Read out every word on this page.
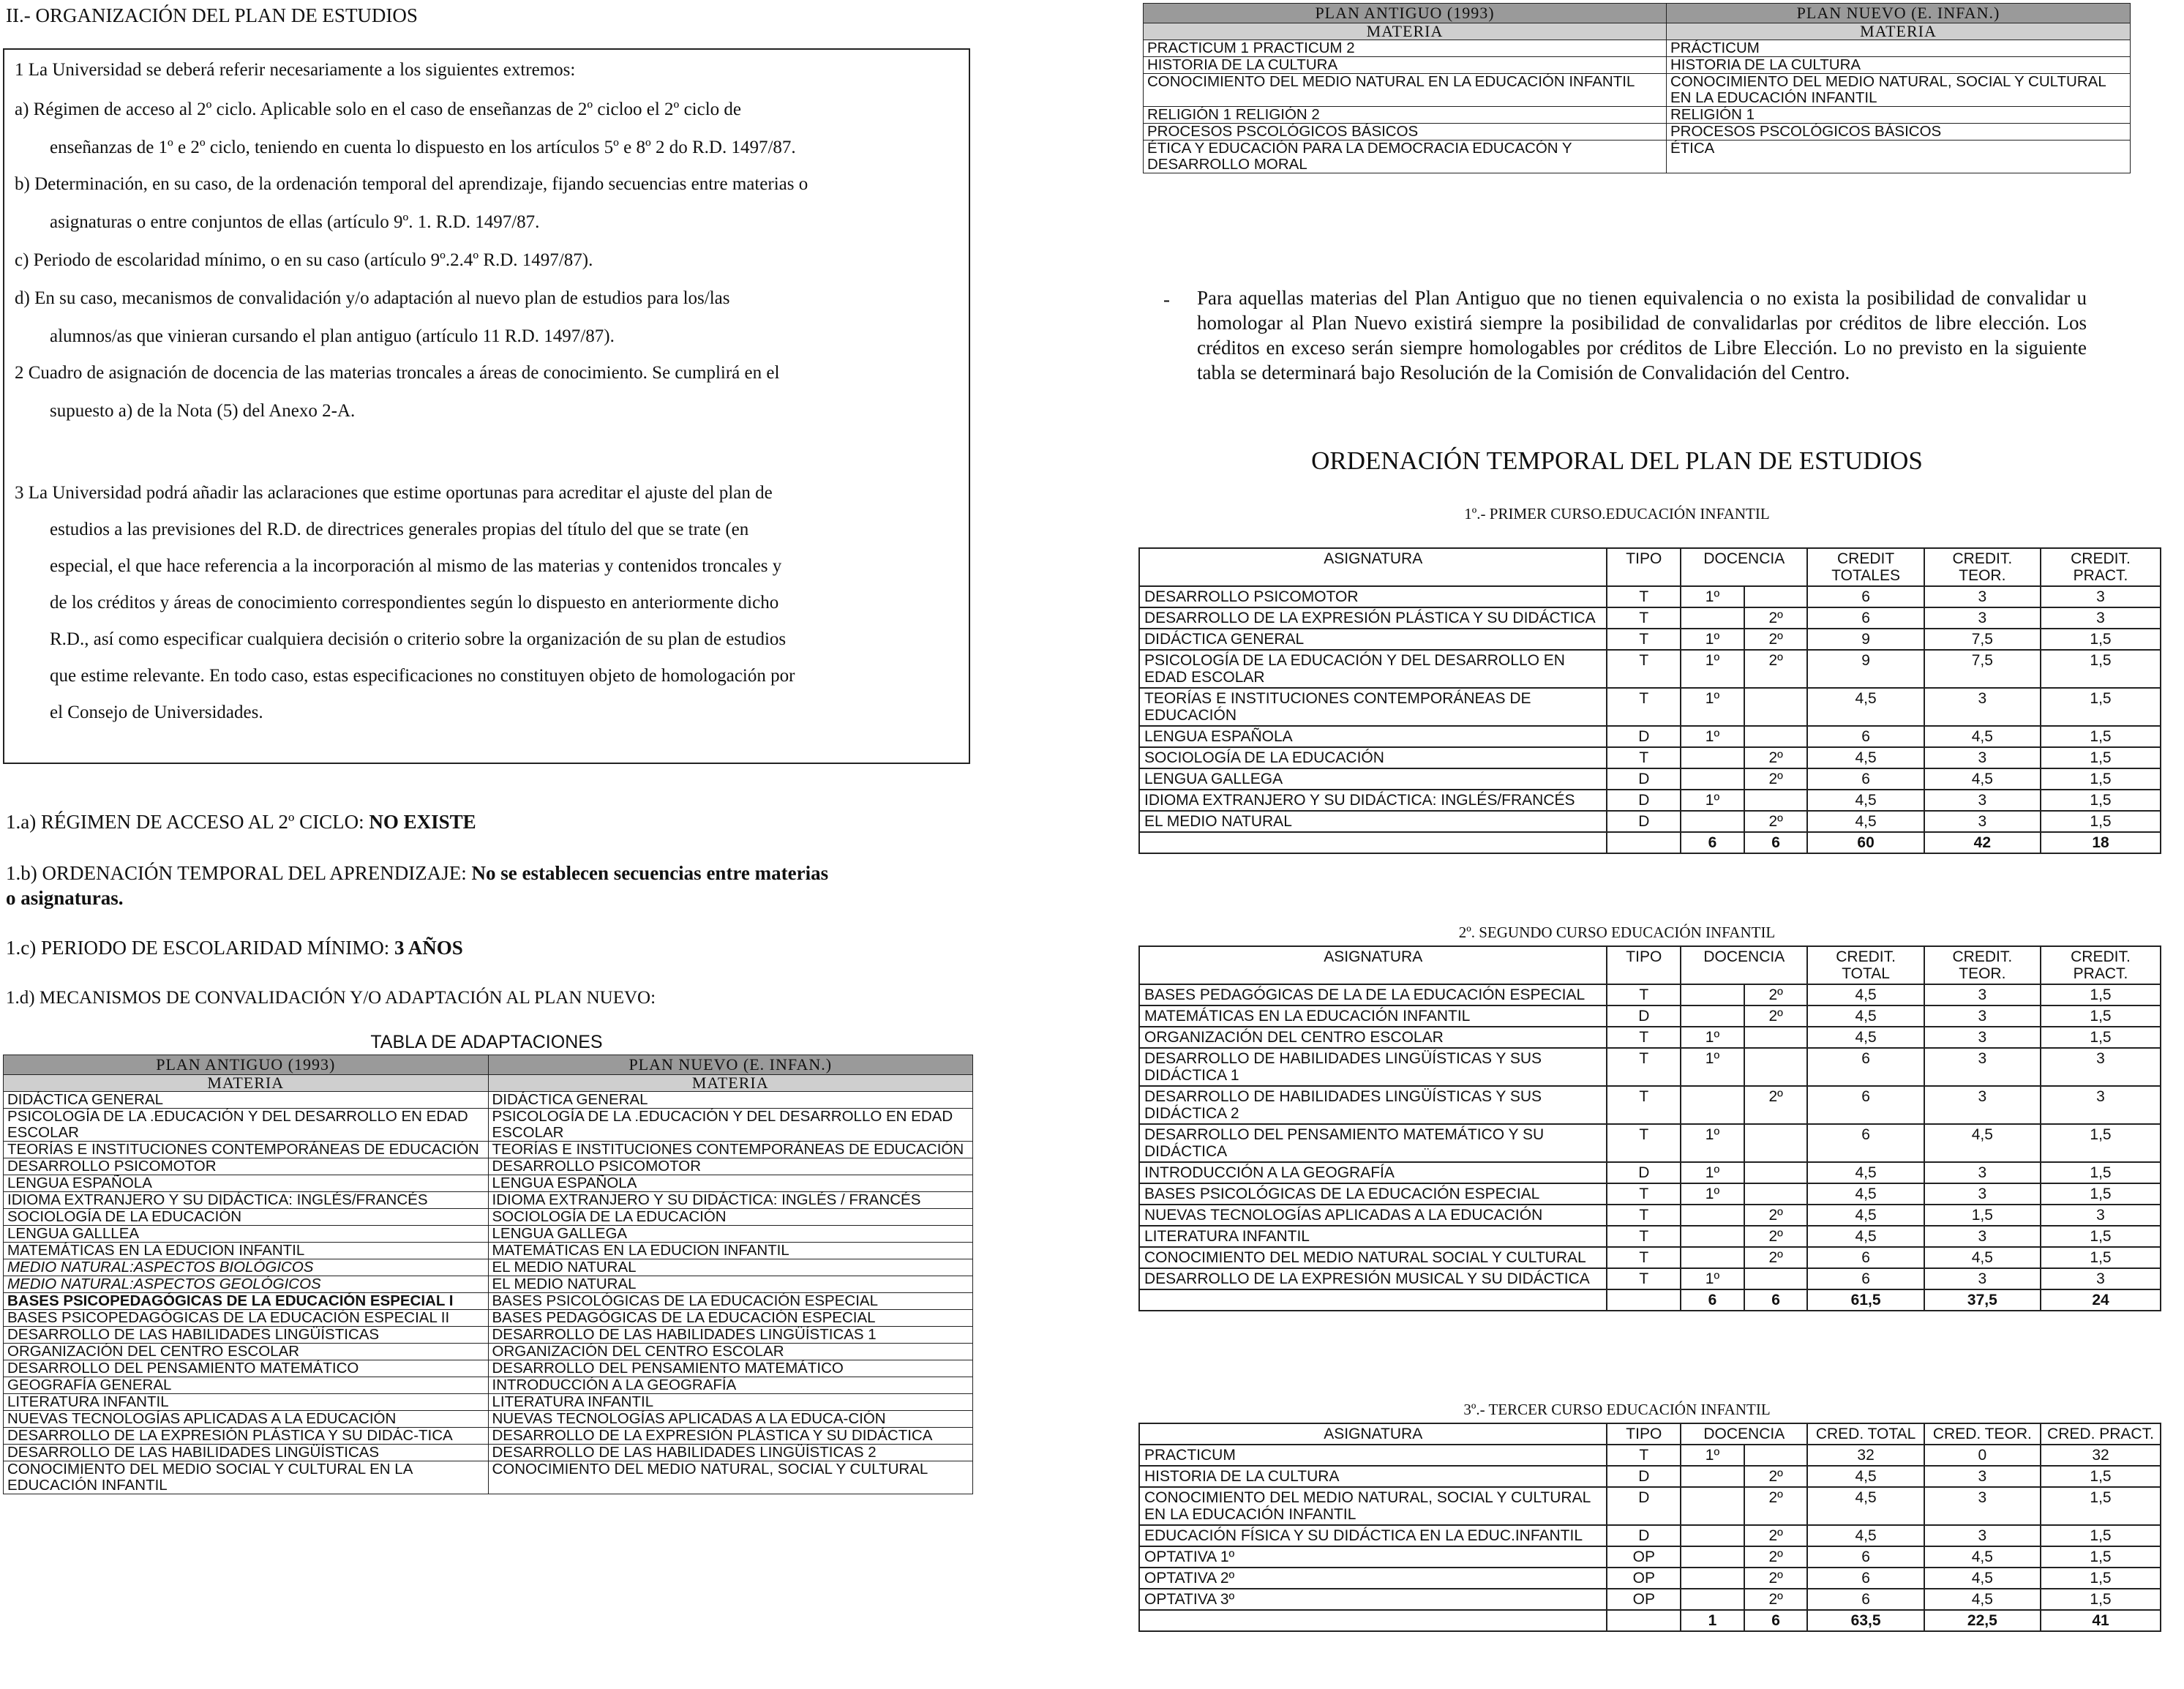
II.- ORGANIZACIÓN DEL PLAN DE ESTUDIOS

1 La Universidad se deberá referir necesariamente a los siguientes extremos:

a) Régimen de acceso al 2º ciclo. Aplicable solo en el caso de enseñanzas de 2º cicloo el 2º ciclo de

enseñanzas de 1º e 2º ciclo, teniendo en cuenta lo dispuesto en los artículos 5º e 8º 2 do R.D. 1497/87.

b) Determinación, en su caso, de la ordenación temporal del aprendizaje, fijando secuencias entre materias o

asignaturas o entre conjuntos de ellas (artículo 9º. 1. R.D. 1497/87.

c) Periodo de escolaridad mínimo, o en su caso (artículo 9º.2.4º R.D. 1497/87).

d) En su caso, mecanismos de convalidación y/o adaptación al nuevo plan de estudios para los/las

alumnos/as que vinieran cursando el plan antiguo (artículo 11 R.D. 1497/87).

2 Cuadro de asignación de docencia de las materias troncales a áreas de conocimiento. Se cumplirá en el

supuesto a) de la Nota (5) del Anexo 2-A.

3 La Universidad podrá añadir las aclaraciones que estime oportunas para acreditar el ajuste del plan de

estudios a las previsiones del R.D. de directrices generales propias del título del que se trate (en

especial, el que hace referencia a la incorporación al mismo de las materias y contenidos troncales y

de los créditos y áreas de conocimiento correspondientes según lo dispuesto en anteriormente dicho

R.D., así como especificar cualquiera decisión o criterio sobre la organización de su plan de estudios

que estime relevante. En todo caso, estas especificaciones no constituyen objeto de homologación por

el Consejo de Universidades.

1.a) RÉGIMEN DE ACCESO AL 2º CICLO: NO EXISTE
1.b) ORDENACIÓN TEMPORAL DEL APRENDIZAJE: No se establecen secuencias entre materias
o asignaturas.
1.c) PERIODO DE ESCOLARIDAD MÍNIMO: 3 AÑOS
1.d) MECANISMOS DE CONVALIDACIÓN Y/O ADAPTACIÓN AL PLAN NUEVO:
TABLA DE ADAPTACIONES
PLAN ANTIGUO (1993)	PLAN NUEVO (E. INFAN.)
MATERIA	MATERIA
DIDÁCTICA GENERAL	DIDÁCTICA GENERAL
PSICOLOGÍA DE LA .EDUCACIÓN Y DEL DESARROLLO EN EDAD ESCOLAR	PSICOLOGÍA DE LA .EDUCACIÓN Y DEL DESARROLLO EN EDAD ESCOLAR
TEORÍAS E INSTITUCIONES CONTEMPORÁNEAS DE EDUCACIÓN	TEORÍAS E INSTITUCIONES CONTEMPORÁNEAS DE EDUCACIÓN
DESARROLLO PSICOMOTOR	DESARROLLO PSICOMOTOR
LENGUA ESPAÑOLA	LENGUA ESPAÑOLA
IDIOMA EXTRANJERO Y SU DIDÁCTICA: INGLÉS/FRANCÉS	IDIOMA EXTRANJERO Y SU DIDÁCTICA: INGLÉS / FRANCÉS
SOCIOLOGÍA DE LA EDUCACIÓN	SOCIOLOGÍA DE LA EDUCACIÓN
LENGUA GALLLEA	LENGUA GALLEGA
MATEMÁTICAS EN LA EDUCION INFANTIL	MATEMÁTICAS EN LA EDUCION INFANTIL
MEDIO NATURAL:ASPECTOS BIOLÓGICOS	EL MEDIO NATURAL
MEDIO NATURAL:ASPECTOS GEOLÓGICOS	EL MEDIO NATURAL
BASES PSICOPEDAGÓGICAS DE LA EDUCACIÓN ESPECIAL I	BASES PSICOLÓGICAS DE LA EDUCACIÓN ESPECIAL
BASES PSICOPEDAGÓGICAS DE LA EDUCACIÓN ESPECIAL II	BASES PEDAGÓGICAS DE LA EDUCACIÓN ESPECIAL
DESARROLLO DE LAS HABILIDADES LINGÜÍSTICAS	DESARROLLO DE LAS HABILIDADES LINGÜÍSTICAS 1
ORGANIZACIÓN DEL CENTRO ESCOLAR	ORGANIZACIÓN DEL CENTRO ESCOLAR
DESARROLLO DEL PENSAMIENTO MATEMÁTICO	DESARROLLO DEL PENSAMIENTO MATEMÁTICO
GEOGRAFÍA GENERAL	INTRODUCCIÓN A LA GEOGRAFÍA
LITERATURA INFANTIL	LITERATURA INFANTIL
NUEVAS TECNOLOGÍAS APLICADAS A LA EDUCACIÓN	NUEVAS TECNOLOGÍAS APLICADAS A LA EDUCA-CIÓN
DESARROLLO DE LA EXPRESIÓN PLÁSTICA Y SU DIDÁC-TICA	DESARROLLO DE LA EXPRESIÓN PLÁSTICA Y SU DIDÁCTICA
DESARROLLO DE LAS HABILIDADES LINGÜÍSTICAS	DESARROLLO DE LAS HABILIDADES LINGÜÍSTICAS 2
CONOCIMIENTO DEL MEDIO SOCIAL Y CULTURAL EN LA EDUCACIÓN INFANTIL	CONOCIMIENTO DEL MEDIO NATURAL, SOCIAL Y CULTURAL
PLAN ANTIGUO (1993)	PLAN NUEVO (E. INFAN.)
MATERIA	MATERIA
PRACTICUM 1 PRACTICUM 2	PRÁCTICUM
HISTORIA DE LA CULTURA	HISTORIA DE LA CULTURA
CONOCIMIENTO DEL MEDIO NATURAL EN LA EDUCACIÓN INFANTIL	CONOCIMIENTO DEL MEDIO NATURAL, SOCIAL Y CULTURAL EN LA EDUCACIÓN INFANTIL
RELIGIÓN 1 RELIGIÓN 2	RELIGIÓN 1
PROCESOS PSCOLÓGICOS BÁSICOS	PROCESOS PSCOLÓGICOS BÁSICOS
ÉTICA Y EDUCACIÓN PARA LA DEMOCRACIA EDUCACÓN Y DESARROLLO MORAL	ÉTICA
-	Para aquellas materias del Plan Antiguo que no tienen equivalencia o no exista la posibilidad de convalidar u homologar al Plan Nuevo existirá siempre la posibilidad de convalidarlas por créditos de libre elección. Los créditos en exceso serán siempre homologables por créditos de Libre Elección. Lo no previsto en la siguiente tabla se determinará bajo Resolución de la Comisión de Convalidación del Centro.
ORDENACIÓN TEMPORAL DEL PLAN DE ESTUDIOS
1º.- PRIMER CURSO.EDUCACIÓN INFANTIL
ASIGNATURA	TIPO	DOCENCIA		CREDIT TOTALES	CREDIT. TEOR.	CREDIT. PRACT.
DESARROLLO PSICOMOTOR	T	1º		6	3	3
DESARROLLO DE LA EXPRESIÓN PLÁSTICA Y SU DIDÁCTICA	T		2º	6	3	3
DIDÁCTICA GENERAL	T	1º	2º	9	7,5	1,5
PSICOLOGÍA DE LA EDUCACIÓN Y DEL DESARROLLO EN EDAD ESCOLAR	T	1º	2º	9	7,5	1,5
TEORÍAS E INSTITUCIONES CONTEMPORÁNEAS DE EDUCACIÓN	T	1º		4,5	3	1,5
LENGUA ESPAÑOLA	D	1º		6	4,5	1,5
SOCIOLOGÍA DE LA EDUCACIÓN	T		2º	4,5	3	1,5
LENGUA GALLEGA	D		2º	6	4,5	1,5
IDIOMA EXTRANJERO Y SU DIDÁCTICA: INGLÉS/FRANCÉS	D	1º		4,5	3	1,5
EL MEDIO NATURAL	D		2º	4,5	3	1,5
		6	6	60	42	18
2º. SEGUNDO CURSO EDUCACIÓN INFANTIL
ASIGNATURA	TIPO	DOCENCIA		CREDIT. TOTAL	CREDIT. TEOR.	CREDIT. PRACT.
BASES PEDAGÓGICAS DE LA DE LA EDUCACIÓN ESPECIAL	T		2º	4,5	3	1,5
MATEMÁTICAS EN LA EDUCACIÓN INFANTIL	D		2º	4,5	3	1,5
ORGANIZACIÓN DEL CENTRO ESCOLAR	T	1º		4,5	3	1,5
DESARROLLO DE HABILIDADES LINGÜÍSTICAS Y SUS DIDÁCTICA 1	T	1º		6	3	3
DESARROLLO DE HABILIDADES LINGÜÍSTICAS Y SUS DIDÁCTICA 2	T		2º	6	3	3
DESARROLLO DEL PENSAMIENTO MATEMÁTICO Y SU DIDÁCTICA	T	1º		6	4,5	1,5
INTRODUCCIÓN A LA GEOGRAFÍA	D	1º		4,5	3	1,5
BASES PSICOLÓGICAS DE LA EDUCACIÓN ESPECIAL	T	1º		4,5	3	1,5
NUEVAS TECNOLOGÍAS APLICADAS A LA EDUCACIÓN	T		2º	4,5	1,5	3
LITERATURA INFANTIL	T		2º	4,5	3	1,5
CONOCIMIENTO DEL MEDIO NATURAL SOCIAL Y CULTURAL	T		2º	6	4,5	1,5
DESARROLLO DE LA EXPRESIÓN MUSICAL Y SU DIDÁCTICA	T	1º		6	3	3
		6	6	61,5	37,5	24
3º.- TERCER CURSO EDUCACIÓN INFANTIL
ASIGNATURA	TIPO	DOCENCIA		CRED. TOTAL	CRED. TEOR.	CRED. PRACT.
PRACTICUM	T	1º		32	0	32
HISTORIA DE LA CULTURA	D		2º	4,5	3	1,5
CONOCIMIENTO DEL MEDIO NATURAL, SOCIAL Y CULTURAL EN LA EDUCACIÓN INFANTIL	D		2º	4,5	3	1,5
EDUCACIÓN FÍSICA Y SU DIDÁCTICA EN LA EDUC.INFANTIL	D		2º	4,5	3	1,5
OPTATIVA 1º	OP		2º	6	4,5	1,5
OPTATIVA 2º	OP		2º	6	4,5	1,5
OPTATIVA 3º	OP		2º	6	4,5	1,5
		1	6	63,5	22,5	41
